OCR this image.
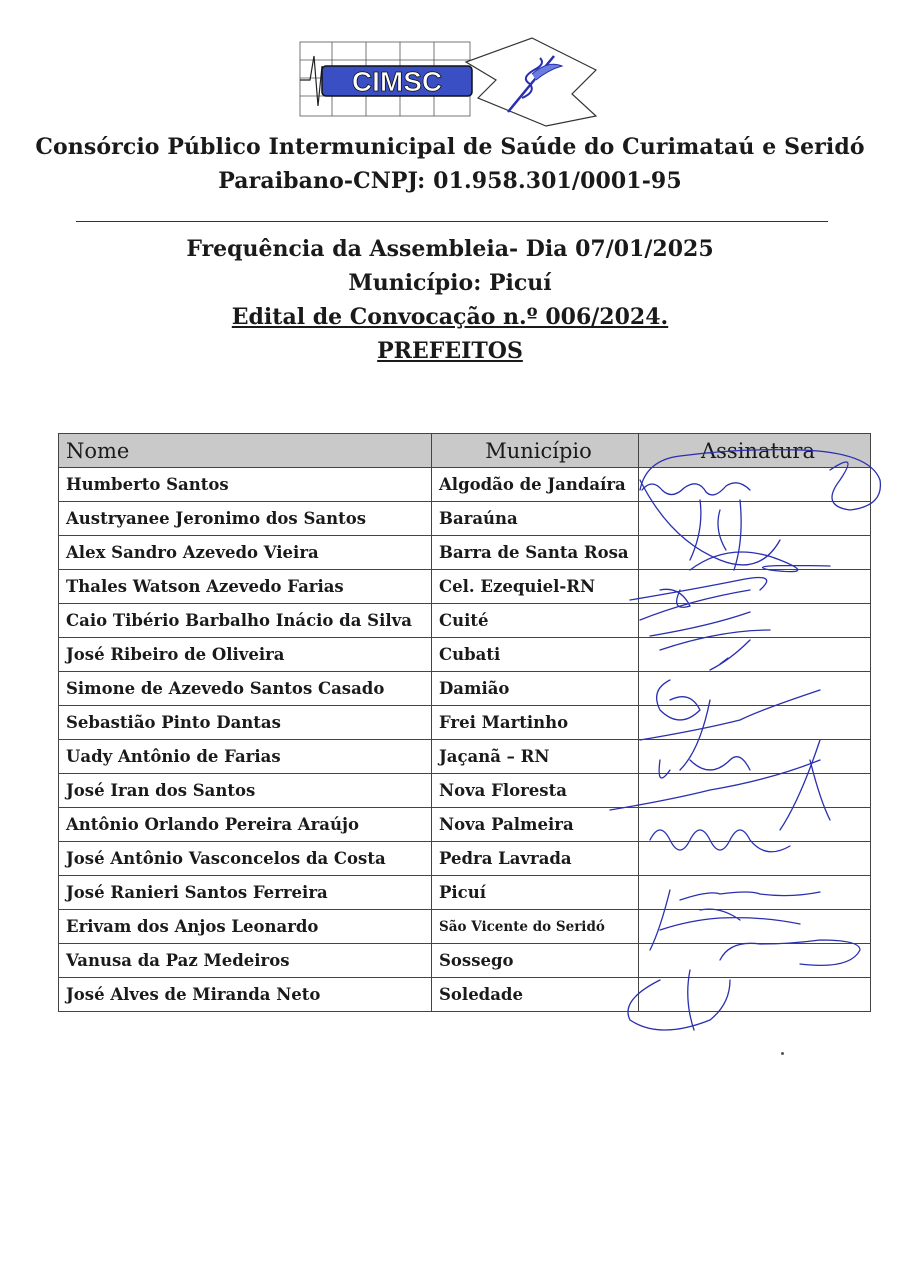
CIMSC
Consórcio Público Intermunicipal de Saúde do Curimataú e Seridó
Paraibano-CNPJ: 01.958.301/0001-95
Frequência da Assembleia- Dia 07/01/2025
Município: Picuí
Edital de Convocação n.º 006/2024.
PREFEITOS
Nome	Município	Assinatura
Humberto Santos	Algodão de Jandaíra	
Austryanee Jeronimo dos Santos	Baraúna	
Alex Sandro Azevedo Vieira	Barra de Santa Rosa	
Thales Watson Azevedo Farias	Cel. Ezequiel-RN	
Caio Tibério Barbalho Inácio da Silva	Cuité	
José Ribeiro de Oliveira	Cubati	
Simone de Azevedo Santos Casado	Damião	
Sebastião Pinto Dantas	Frei Martinho	
Uady Antônio de Farias	Jaçanã – RN	
José Iran dos Santos	Nova Floresta	
Antônio Orlando Pereira Araújo	Nova Palmeira	
José Antônio Vasconcelos da Costa	Pedra Lavrada	
José Ranieri Santos Ferreira	Picuí	
Erivam dos Anjos Leonardo	São Vicente do Seridó	
Vanusa da Paz Medeiros	Sossego	
José Alves de Miranda Neto	Soledade	
